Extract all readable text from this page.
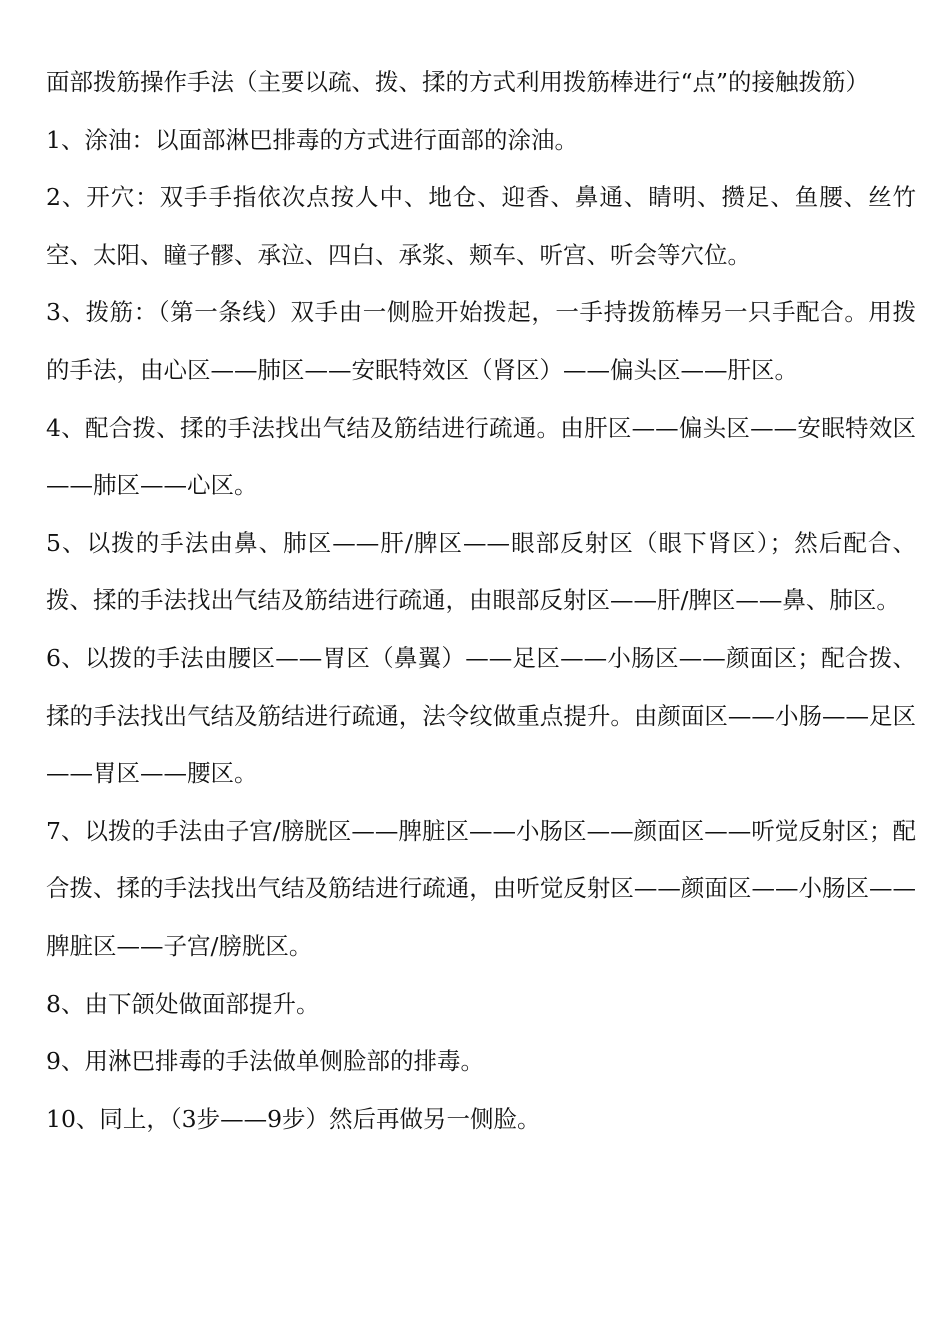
面部拨筋操作手法（主要以疏、拨、揉的方式利用拨筋棒进行“点”的接触拨筋）

1、涂油：以面部淋巴排毒的方式进行面部的涂油。

2、开穴：双手手指依次点按人中、地仓、迎香、鼻通、睛明、攒足、鱼腰、丝竹空、太阳、瞳子髎、承泣、四白、承浆、颊车、听宫、听会等穴位。

3、拨筋：（第一条线）双手由一侧脸开始拨起，一手持拨筋棒另一只手配合。用拨的手法，由心区——肺区——安眠特效区（肾区）——偏头区——肝区。

4、配合拨、揉的手法找出气结及筋结进行疏通。由肝区——偏头区——安眠特效区——肺区——心区。

5、以拨的手法由鼻、肺区——肝/脾区——眼部反射区（眼下肾区）；然后配合、拨、揉的手法找出气结及筋结进行疏通，由眼部反射区——肝/脾区——鼻、肺区。

6、以拨的手法由腰区——胃区（鼻翼）——足区——小肠区——颜面区；配合拨、揉的手法找出气结及筋结进行疏通，法令纹做重点提升。由颜面区——小肠——足区——胃区——腰区。

7、以拨的手法由子宫/膀胱区——脾脏区——小肠区——颜面区——听觉反射区；配合拨、揉的手法找出气结及筋结进行疏通，由听觉反射区——颜面区——小肠区——脾脏区——子宫/膀胱区。

8、由下颌处做面部提升。

9、用淋巴排毒的手法做单侧脸部的排毒。

10、同上，（3步——9步）然后再做另一侧脸。
